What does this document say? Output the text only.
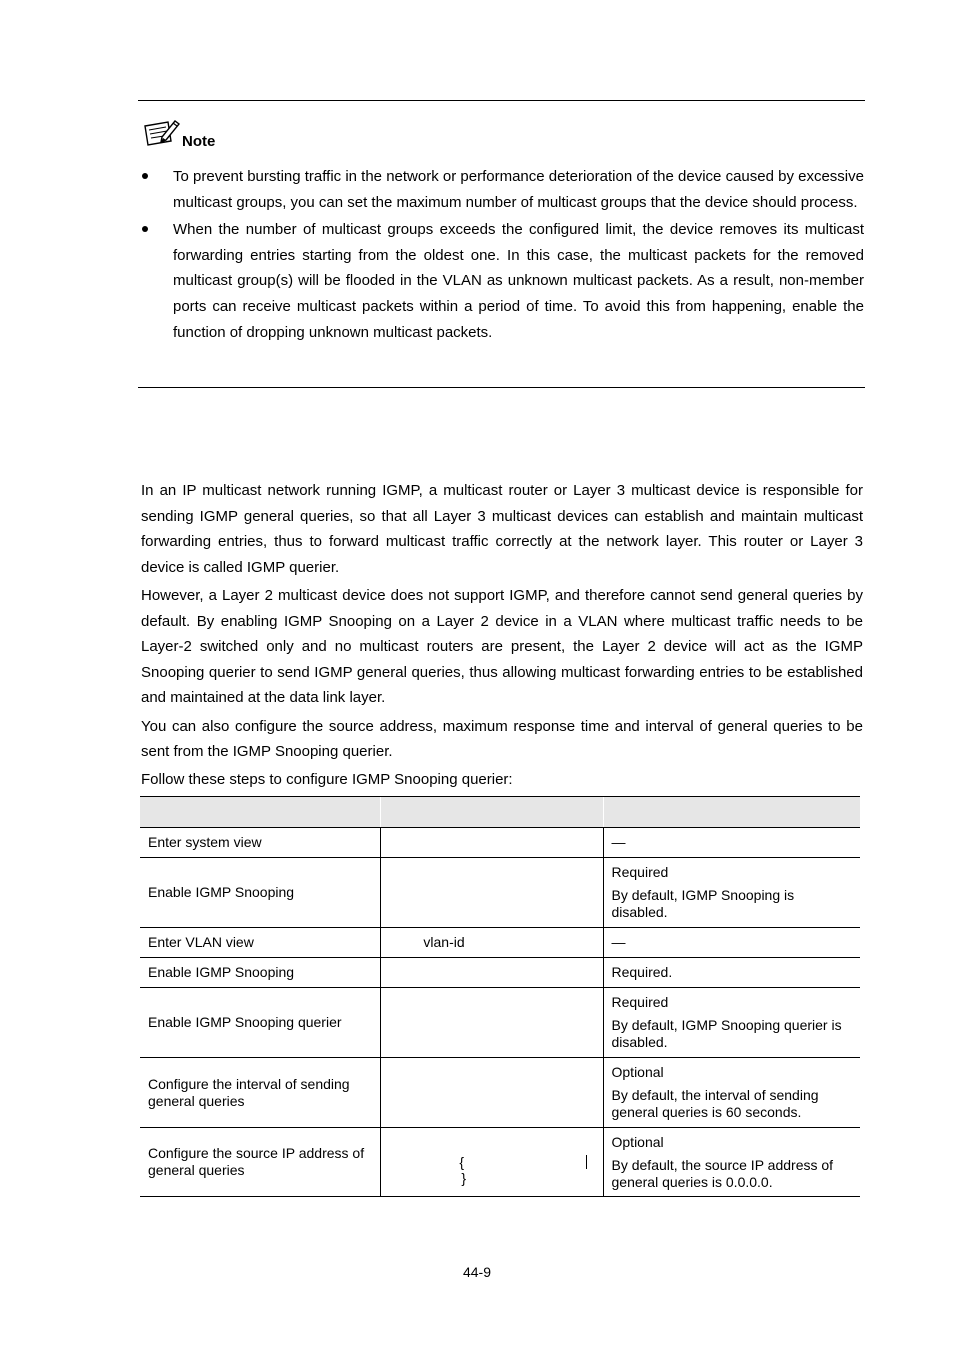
Note
To prevent bursting traffic in the network or performance deterioration of the device caused by excessive multicast groups, you can set the maximum number of multicast groups that the device should process.
When the number of multicast groups exceeds the configured limit, the device removes its multicast forwarding entries starting from the oldest one. In this case, the multicast packets for the removed multicast group(s) will be flooded in the VLAN as unknown multicast packets. As a result, non-member ports can receive multicast packets within a period of time. To avoid this from happening, enable the function of dropping unknown multicast packets.

In an IP multicast network running IGMP, a multicast router or Layer 3 multicast device is responsible for sending IGMP general queries, so that all Layer 3 multicast devices can establish and maintain multicast forwarding entries, thus to forward multicast traffic correctly at the network layer. This router or Layer 3 device is called IGMP querier.

However, a Layer 2 multicast device does not support IGMP, and therefore cannot send general queries by default. By enabling IGMP Snooping on a Layer 2 device in a VLAN where multicast traffic needs to be Layer-2 switched only and no multicast routers are present, the Layer 2 device will act as the IGMP Snooping querier to send IGMP general queries, thus allowing multicast forwarding entries to be established and maintained at the data link layer.

You can also configure the source address, maximum response time and interval of general queries to be sent from the IGMP Snooping querier.

Follow these steps to configure IGMP Snooping querier:

Enter system view		—

Enable IGMP Snooping		Required
By default, IGMP Snooping is disabled.

Enter VLAN view	vlan-id	—

Enable IGMP Snooping		Required.

Enable IGMP Snooping querier		Required
By default, IGMP Snooping querier is disabled.

Configure the interval of sending general queries		Optional
By default, the interval of sending general queries is 60 seconds.

Configure the source IP address of general queries	{
}	Optional
By default, the source IP address of general queries is 0.0.0.0.
44-9
